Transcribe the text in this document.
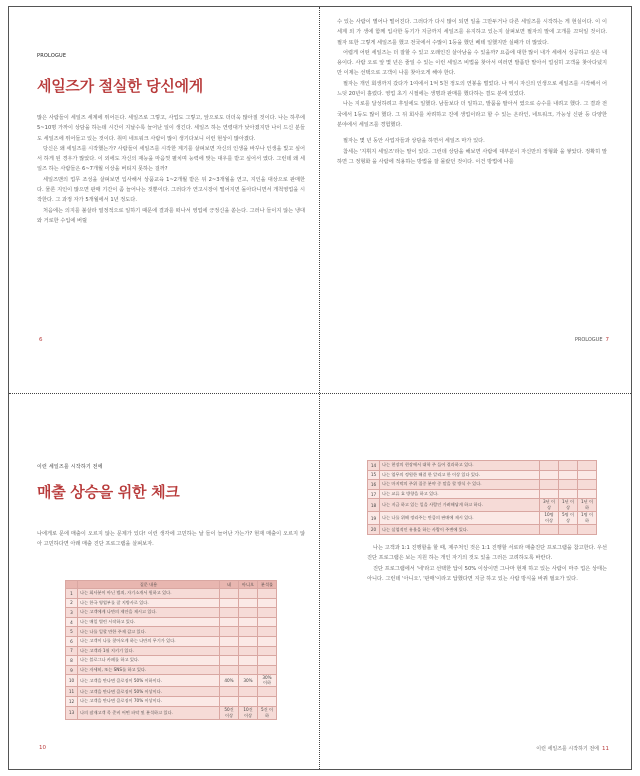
PROLOGUE
세일즈가 절실한 당신에게

많은 사람들이 세일즈 세계에 뛰어든다. 세일즈로 그렇고, 사업도 그렇고, 앞으로도 더더욱 많아질 것이다. 나는 하루에 5~10명 가까이 상담을 하는데 시간이 지날수록 늘어난 일이 생긴다. 세일즈 하는 연령대가 낮아졌지만 나이 드신 분들도 세일즈에 뛰어들고 있는 것이다. 취미 네트워크 사람이 많이 생기다보니 이런 현상이 많아졌다.

당신은 왜 세일즈를 시작했는가? 사람들이 세일즈를 시작한 계기를 살펴보면 자신의 인생을 바꾸나 인생을 빛고 싶어서 하게 된 경우가 많았다. 이 외에도 자신의 재능을 마음껏 펼치며 능력에 맞는 대우를 받고 싶어서 였다. 그런데 왜 세일즈 하는 사람들은 6~7개월 이상을 버티지 못하는 걸까?

세일즈맨의 업무 조성을 살펴보면 입사해서 상품교육 1~2개월 받은 뒤 2~3개월을 연고, 지인을 대상으로 판매한다. 물론 지인이 많으면 판매 기간이 좀 늘어나는 것뿐이다. 그러다가 연고시장이 떨어지면 돌아다니면서 개척영업을 시작한다. 그 과정 자가 5개월에서 1년 정도다.

처음에는 의지를 불살라 열정적으로 일하기 때문에 결과를 떠나서 영업에 긍정신을 쏟는다. 그러나 들이지 않는 냉대와 거로한 수입에 버릴

6

수 있는 사람이 별어나 떨어진다. 그러다가 다시 많이 되면 일을 그만두거나 다른 세일즈를 시작하는 게 현실이다. 이 이 세계 외 가 생에 함께 입사한 동기가 지금까지 세일즈를 유지하고 있는지 살펴보면 필자의 말에 고개를 끄덕일 것이다. 필자 또한 그렇게 세일즈를 했고 전국에서 수많이 1등을 했던 베테 일했지만 실패가 더 많았다.

어렵게 어떤 세일즈는 더 잘할 수 있고 오래인진 살아남을 수 있을까? 요즘에 대한 많이 내가 세에서 성공하고 싶은 내용이다. 사람 오로 앞 몇 년은 줄일 수 있는 이런 세일즈 비법을 찾아서 여러면 발품만 말아서 얼심히 고객을 찾아다녔지만 이제는 선택으로 고객이 나를 찾아오게 해야 한다.

필자는 개인 회생까지 갔다가 1여에서 1억 5천 정도의 연봉을 벌었다. 나 역시 자신의 인생으로 세일즈를 시작해서 어느덧 20년이 흘렀다. 영업 초기 시절에는 생명과 판매를 했다하는 결도 분에 있었다.

나는 지로를 달성하려고 후일에도 일했다. 남들보다 더 일하고, 발품을 팔아서 였으로 승수를 내려고 했다. 그 결과 전국에서 1등도 많이 했다. 그 뒤 회사를 차려하고 진에 생업이라고 할 수 있는 온라인, 네트워크, 가능성 신판 등 다양한 분야에서 세일즈를 경험했다.

필자는 몇 년 동안 사업자들과 상담을 하면서 세일즈 마가 있다.

참세는 '지휘지 세일즈'라는 말이 있다. 그런데 상담을 해보면 사람에 대부분이 자신만의 정형화 을 쌓았다. 정확히 말하면 그 정형화 을 사람에 적용하는 방법을 잘 몰랐던 것이다. 이건 방법에 나를

PROLOGUE 7
이런 세일즈를 시작하기 전에
매출 상승을 위한 체크

나에게로 문에 매출이 오르지 않는 문제가 있다! 이런 생각에 고민하는 날 들이 늘어난 가는가? 현재 매출이 오르지 않아 고민하다면 아래 매출 진단 프로그램을 살펴보자.

	질문 내용	네	아니오	분석률
1	나는 회사분이 아닌 범죄, 자기소개서 원하고 있다.			
2	나는 한국 영업부를 잘 지방사로 있다.			
3	나는 고객에게 나만의 제안을 제시고 있다.			
4	나는 매일 별린 시작하고 있다.			
5	나는 나를 일할 만한 주제 갑고 있다.			
6	나는 고객이 나를 찾아오게 하는 나만의 무기가 있다.			
7	나는 고객과 1월 지키기 있다.			
8	나는 블로그나 카페를 하고 있다.			
9	나는 자세히, 또는 SNS를 하고 있다.			
10	나는 고객을 만나면 클로징이 50% 이하이다.	40%	30%	30% 이하
11	나는 고객을 만나면 클로징이 50% 이상이다.			
12	나는 고객을 만나면 클로징이 70% 이상이다.			
13	나의 잠재고객 목 준비 어떤 파악 및 분석하고 있다.	50건 이상	10건 이상	5건 이하
10
14	나는 현장의 현장에서 대학 주 들어 결과하고 있다.			
15	나는 업무의 정원한 해결 한 알리고 한 이상 있다 있다.			
16	나는 마지막의 주위 집중 분야 중 말을 할 방식 수 있다.			
17	나는 교류 효 방향을 하고 있다.			
18	나는 지금 하고 있는 일을 사람인 가려해답게 하고 하다.	3년 이상	1년 이상	1년 이하
19	나는 나를 위해 정리주는 만큼의 판매에 제시 있다.	10명 이상	5명 이상	1명 이하
20	나는 실업적인 유율을 하는 사람이 주변에 있다.			

나는 고객과 1:1 진행할을 할 때, 제주처인 것은 1:1 진행할 서로라 매출진단 프로그램을 참고한다. 우선 진단 프로그램은 보는 지원 하는 개인 자기의 것도 있을 그러든 고려하도록 바란다.

진단 프로그램에서 '네'라고 선택한 답이 50% 이상이면 그나마 현재 하고 있는 사람이 마주 업은 상태는 아니다. 그런데 '아니오', '판매'이라고 답했다면 지금 하고 있는 사람 방식을 바꿔 필요가 있다.

이런 세일즈를 시작하기 전에 11
